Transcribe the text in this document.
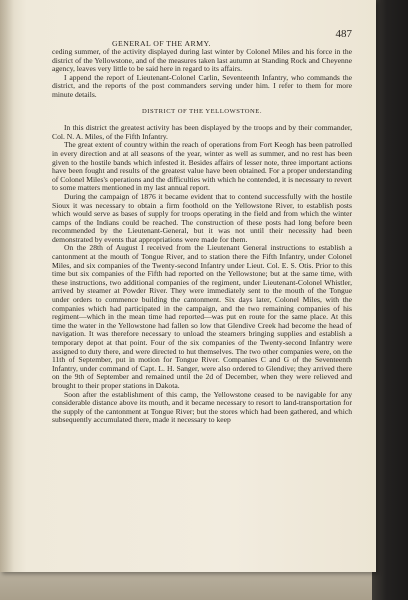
GENERAL OF THE ARMY.
487

ceding summer, of the activity displayed during last winter by Colonel Miles and his force in the district of the Yellowstone, and of the measures taken last autumn at Standing Rock and Cheyenne agency, leaves very little to be said here in regard to its affairs.

I append the report of Lieutenant-Colonel Carlin, Seventeenth Infantry, who commands the district, and the reports of the post commanders serving under him. I refer to them for more minute details.

DISTRICT OF THE YELLOWSTONE.

In this district the greatest activity has been displayed by the troops and by their commander, Col. N. A. Miles, of the Fifth Infantry.

The great extent of country within the reach of operations from Fort Keogh has been patrolled in every direction and at all seasons of the year, winter as well as summer, and no rest has been given to the hostile bands which infested it. Besides affairs of lesser note, three important actions have been fought and results of the greatest value have been obtained. For a proper understanding of Colonel Miles's operations and the difficulties with which he contended, it is necessary to revert to some matters mentioned in my last annual report.

During the campaign of 1876 it became evident that to contend successfully with the hostile Sioux it was necessary to obtain a firm foothold on the Yellowstone River, to establish posts which would serve as bases of supply for troops operating in the field and from which the winter camps of the Indians could be reached. The construction of these posts had long before been recommended by the Lieutenant-General, but it was not until their necessity had been demonstrated by events that appropriations were made for them.

On the 28th of August I received from the Lieutenant General instructions to establish a cantonment at the mouth of Tongue River, and to station there the Fifth Infantry, under Colonel Miles, and six companies of the Twenty-second Infantry under Lieut. Col. E. S. Otis. Prior to this time but six companies of the Fifth had reported on the Yellowstone; but at the same time, with these instructions, two additional companies of the regiment, under Lieutenant-Colonel Whistler, arrived by steamer at Powder River. They were immediately sent to the mouth of the Tongue under orders to commence building the cantonment. Six days later, Colonel Miles, with the companies which had participated in the campaign, and the two remaining companies of his regiment—which in the mean time had reported—was put en route for the same place. At this time the water in the Yellowstone had fallen so low that Glendive Creek had become the head of navigation. It was therefore necessary to unload the steamers bringing supplies and establish a temporary depot at that point. Four of the six companies of the Twenty-second Infantry were assigned to duty there, and were directed to hut themselves. The two other companies were, on the 11th of September, put in motion for Tongue River. Companies C and G of the Seventeenth Infantry, under command of Capt. L. H. Sanger, were also ordered to Glendive; they arrived there on the 9th of September and remained until the 2d of December, when they were relieved and brought to their proper stations in Dakota.

Soon after the establishment of this camp, the Yellowstone ceased to be navigable for any considerable distance above its mouth, and it became necessary to resort to land-transportation for the supply of the cantonment at Tongue River; but the stores which had been gathered, and which subsequently accumulated there, made it necessary to keep
